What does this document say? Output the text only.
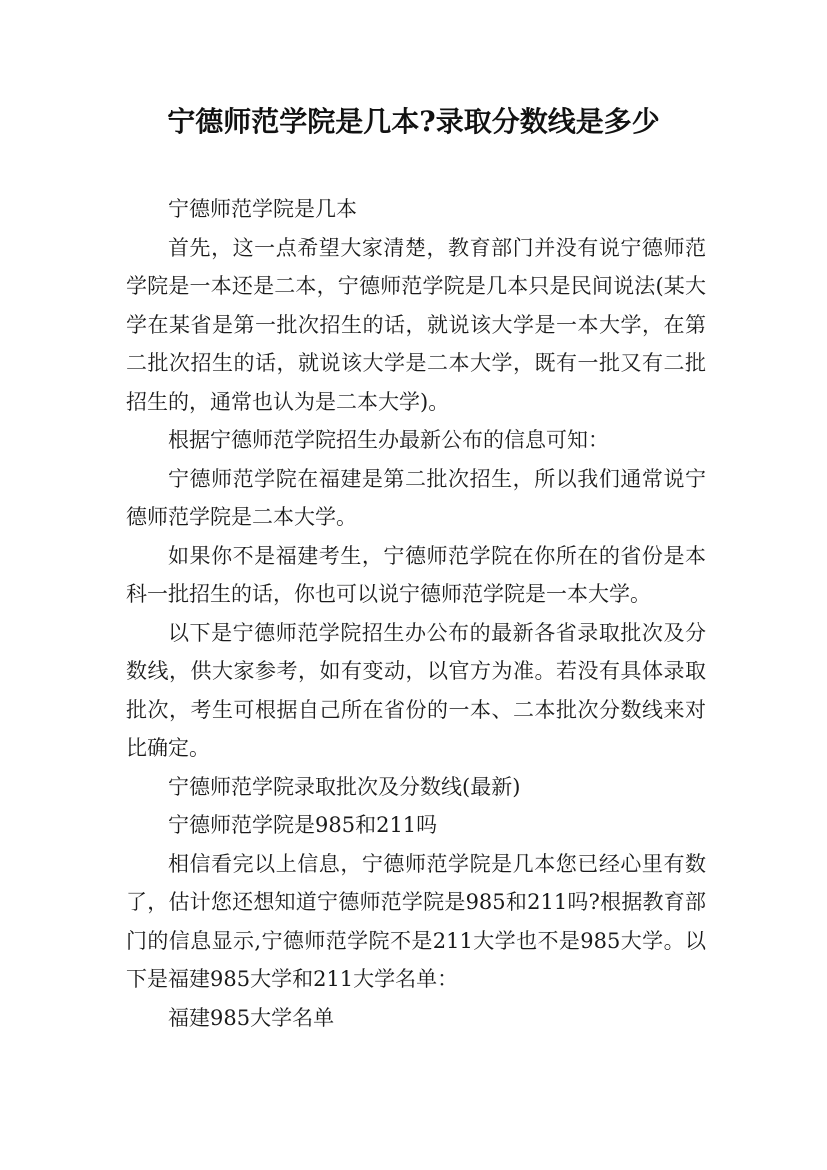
宁德师范学院是几本?录取分数线是多少

宁德师范学院是几本

首先，这一点希望大家清楚，教育部门并没有说宁德师范学院是一本还是二本，宁德师范学院是几本只是民间说法(某大学在某省是第一批次招生的话，就说该大学是一本大学，在第二批次招生的话，就说该大学是二本大学，既有一批又有二批招生的，通常也认为是二本大学)。

根据宁德师范学院招生办最新公布的信息可知：

宁德师范学院在福建是第二批次招生，所以我们通常说宁德师范学院是二本大学。

如果你不是福建考生，宁德师范学院在你所在的省份是本科一批招生的话，你也可以说宁德师范学院是一本大学。

以下是宁德师范学院招生办公布的最新各省录取批次及分数线，供大家参考，如有变动，以官方为准。若没有具体录取批次，考生可根据自己所在省份的一本、二本批次分数线来对比确定。

宁德师范学院录取批次及分数线(最新)

宁德师范学院是985和211吗

相信看完以上信息，宁德师范学院是几本您已经心里有数了，估计您还想知道宁德师范学院是985和211吗?根据教育部门的信息显示,宁德师范学院不是211大学也不是985大学。以下是福建985大学和211大学名单：

福建985大学名单
